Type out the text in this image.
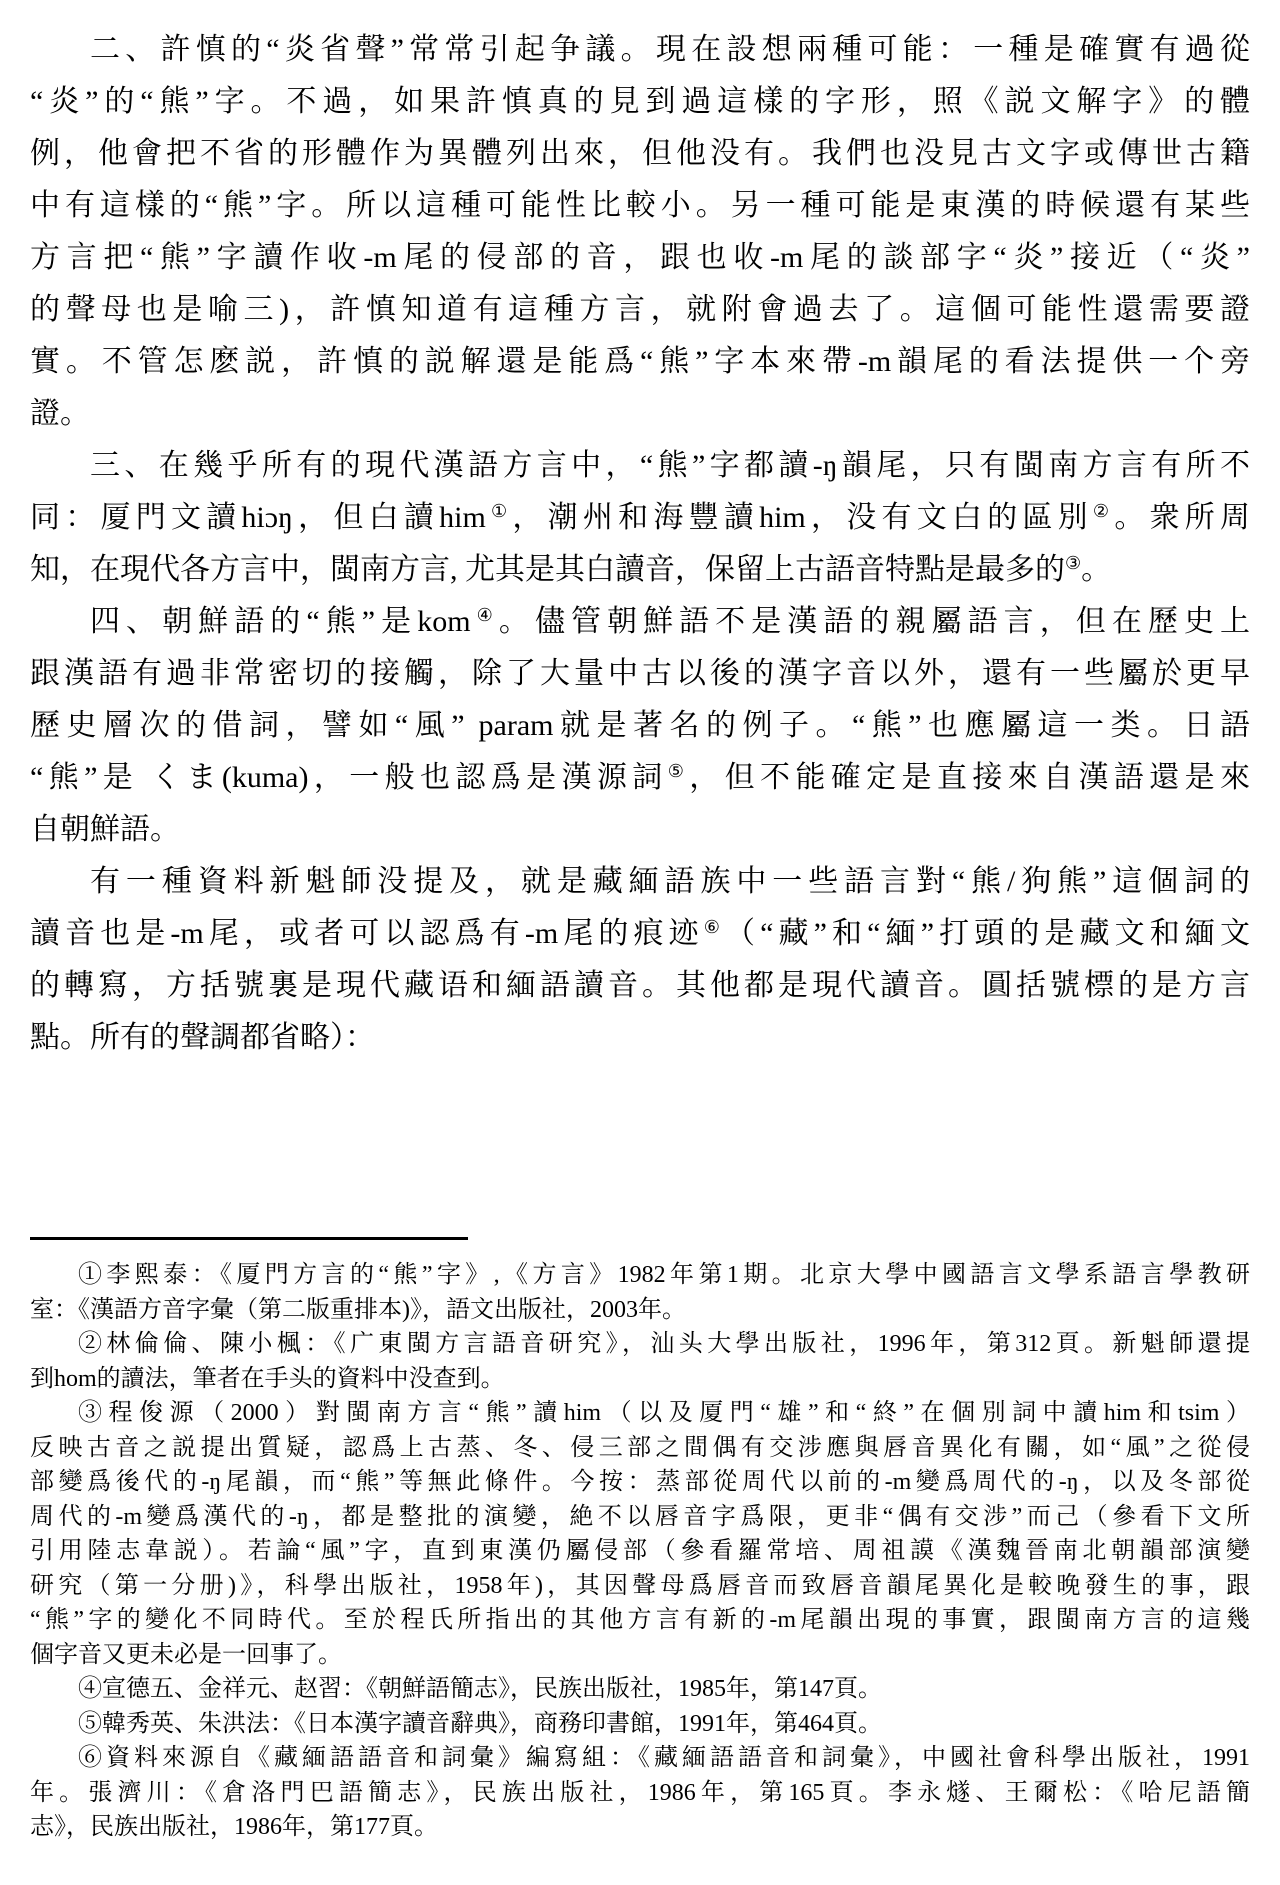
二、許慎的“炎省聲”常常引起争議。現在設想兩種可能：一種是確實有過從
“炎”的“熊”字。不過，如果許慎真的見到過這樣的字形，照《説文解字》的體
例，他會把不省的形體作为異體列出來，但他没有。我們也没見古文字或傳世古籍
中有這樣的“熊”字。所以這種可能性比較小。另一種可能是東漢的時候還有某些
方言把“熊”字讀作收-m尾的侵部的音，跟也收-m尾的談部字“炎”接近（“炎”
的聲母也是喻三)，許慎知道有這種方言，就附會過去了。這個可能性還需要證
實。不管怎麽説，許慎的説解還是能爲“熊”字本來帶-m韻尾的看法提供一个旁
證。
三、在幾乎所有的現代漢語方言中，“熊”字都讀-ŋ韻尾，只有閩南方言有所不
同：厦門文讀hiɔŋ，但白讀him①，潮州和海豐讀him，没有文白的區別②。衆所周
知，在現代各方言中，閩南方言, 尤其是其白讀音，保留上古語音特點是最多的③。
四、朝鮮語的“熊”是kom④。儘管朝鮮語不是漢語的親屬語言，但在歷史上
跟漢語有過非常密切的接觸，除了大量中古以後的漢字音以外，還有一些屬於更早
歷史層次的借詞，譬如“風” param就是著名的例子。“熊”也應屬這一类。日語
“熊”是 くま(kuma)，一般也認爲是漢源詞⑤，但不能確定是直接來自漢語還是來
自朝鮮語。
有一種資料新魁師没提及，就是藏緬語族中一些語言對“熊/狗熊”這個詞的
讀音也是-m尾，或者可以認爲有-m尾的痕迹⑥（“藏”和“緬”打頭的是藏文和緬文
的轉寫，方括號裏是現代藏语和緬語讀音。其他都是現代讀音。圓括號標的是方言
點。所有的聲調都省略）：
①李熙泰：《厦門方言的“熊”字》,《方言》1982年第1期。北京大學中國語言文學系語言學教研
室：《漢語方音字彙（第二版重排本)》，語文出版社，2003年。
②林倫倫、陳小楓：《广東閩方言語音研究》，汕头大學出版社，1996年，第312頁。新魁師還提
到hom的讀法，筆者在手头的資料中没查到。
③程俊源（2000）對閩南方言“熊”讀him（以及厦門“雄”和“終”在個別詞中讀him和tsim）
反映古音之説提出質疑，認爲上古蒸、冬、侵三部之間偶有交涉應與唇音異化有關，如“風”之從侵
部變爲後代的-ŋ尾韻，而“熊”等無此條件。今按：蒸部從周代以前的-m變爲周代的-ŋ，以及冬部從
周代的-m變爲漢代的-ŋ，都是整批的演變，絶不以唇音字爲限，更非“偶有交涉”而己（參看下文所
引用陸志韋説）。若論“風”字，直到東漢仍屬侵部（參看羅常培、周祖謨《漢魏晉南北朝韻部演變
研究（第一分册)》，科學出版社，1958年)，其因聲母爲唇音而致唇音韻尾異化是較晚發生的事，跟
“熊”字的變化不同時代。至於程氏所指出的其他方言有新的-m尾韻出現的事實，跟閩南方言的這幾
個字音又更未必是一回事了。
④宣德五、金祥元、赵習：《朝鮮語簡志》，民族出版社，1985年，第147頁。
⑤韓秀英、朱洪法：《日本漢字讀音辭典》，商務印書館，1991年，第464頁。
⑥資料來源自《藏緬語語音和詞彙》編寫組：《藏緬語語音和詞彙》，中國社會科學出版社，1991
年。張濟川：《倉洛門巴語簡志》，民族出版社，1986年，第165頁。李永燧、王爾松：《哈尼語簡
志》，民族出版社，1986年，第177頁。
